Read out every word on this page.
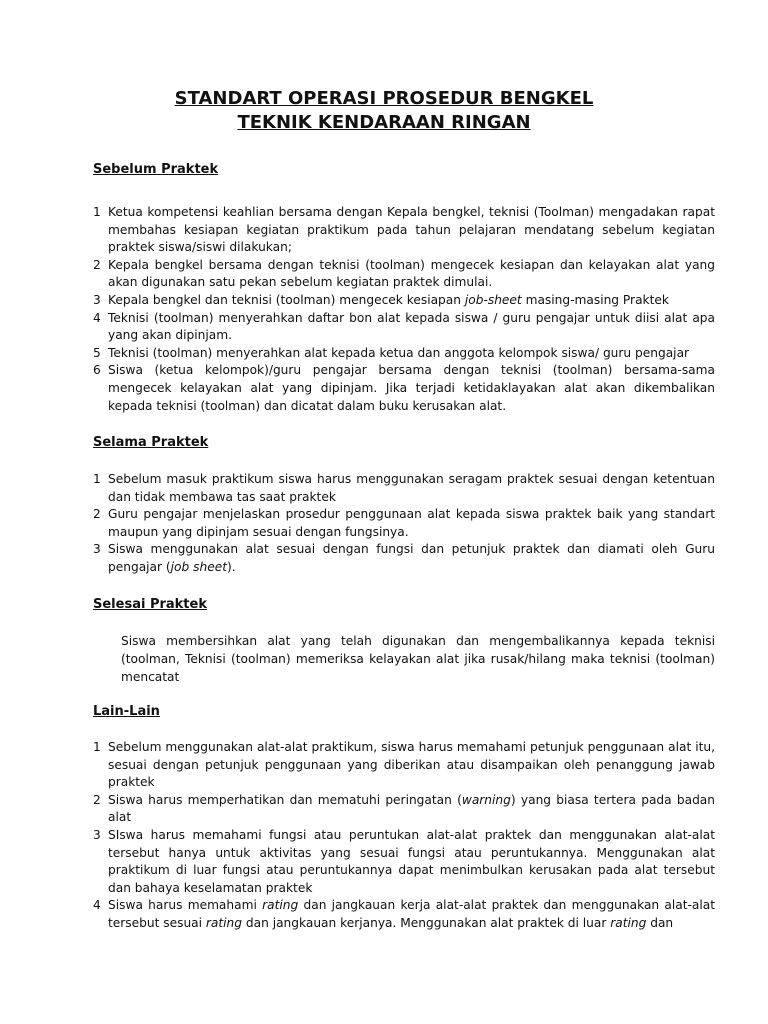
STANDART OPERASI PROSEDUR BENGKEL
TEKNIK KENDARAAN RINGAN
Sebelum Praktek
1 Ketua kompetensi keahlian bersama dengan Kepala bengkel, teknisi (Toolman) mengadakan rapat membahas kesiapan kegiatan praktikum pada tahun pelajaran mendatang sebelum kegiatan praktek siswa/siswi dilakukan;
2 Kepala bengkel bersama dengan teknisi (toolman) mengecek kesiapan dan kelayakan alat yang akan digunakan satu pekan sebelum kegiatan praktek dimulai.
3 Kepala bengkel dan teknisi (toolman) mengecek kesiapan job-sheet masing-masing Praktek
4 Teknisi (toolman) menyerahkan daftar bon alat kepada siswa / guru pengajar untuk diisi alat apa yang akan dipinjam.
5 Teknisi (toolman) menyerahkan alat kepada ketua dan anggota kelompok siswa/ guru pengajar
6 Siswa (ketua kelompok)/guru pengajar bersama dengan teknisi (toolman) bersama-sama mengecek kelayakan alat yang dipinjam. Jika terjadi ketidaklayakan alat akan dikembalikan kepada teknisi (toolman) dan dicatat dalam buku kerusakan alat.
Selama Praktek
1 Sebelum masuk praktikum siswa harus menggunakan seragam praktek sesuai dengan ketentuan dan tidak membawa tas saat praktek
2 Guru pengajar menjelaskan prosedur penggunaan alat kepada siswa praktek baik yang standart maupun yang dipinjam sesuai dengan fungsinya.
3 Siswa menggunakan alat sesuai dengan fungsi dan petunjuk praktek dan diamati oleh Guru pengajar (job sheet).
Selesai Praktek

Siswa membersihkan alat yang telah digunakan dan mengembalikannya kepada teknisi (toolman, Teknisi (toolman) memeriksa kelayakan alat jika rusak/hilang maka teknisi (toolman) mencatat

Lain-Lain
1 Sebelum menggunakan alat-alat praktikum, siswa harus memahami petunjuk penggunaan alat itu, sesuai dengan petunjuk penggunaan yang diberikan atau disampaikan oleh penanggung jawab praktek
2 Siswa harus memperhatikan dan mematuhi peringatan (warning) yang biasa tertera pada badan alat
3 SIswa harus memahami fungsi atau peruntukan alat-alat praktek dan menggunakan alat-alat tersebut hanya untuk aktivitas yang sesuai fungsi atau peruntukannya. Menggunakan alat praktikum di luar fungsi atau peruntukannya dapat menimbulkan kerusakan pada alat tersebut dan bahaya keselamatan praktek
4 Siswa harus memahami rating dan jangkauan kerja alat-alat praktek dan menggunakan alat-alat tersebut sesuai rating dan jangkauan kerjanya. Menggunakan alat praktek di luar rating dan
